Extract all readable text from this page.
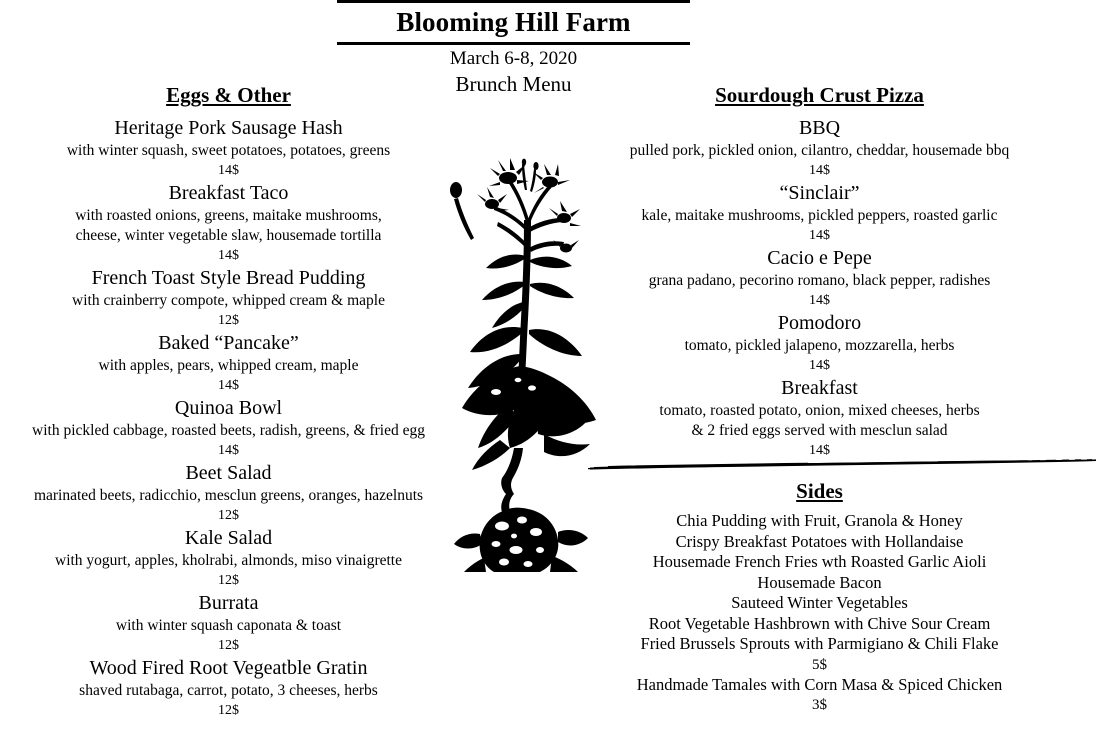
Blooming Hill Farm
March 6-8, 2020
Brunch Menu
Eggs & Other
Heritage Pork Sausage Hash
with winter squash, sweet potatoes, potatoes, greens
14$
Breakfast Taco
with roasted onions, greens, maitake mushrooms,
cheese, winter vegetable slaw, housemade tortilla
14$
French Toast Style Bread Pudding
with crainberry compote, whipped cream & maple
12$
Baked “Pancake”
with apples, pears, whipped cream, maple
14$
Quinoa Bowl
with pickled cabbage, roasted beets, radish, greens, & fried egg
14$
Beet Salad
marinated beets, radicchio, mesclun greens, oranges, hazelnuts
12$
Kale Salad
with yogurt, apples, kholrabi, almonds, miso vinaigrette
12$
Burrata
with winter squash caponata & toast
12$
Wood Fired Root Vegeatble Gratin
shaved rutabaga, carrot, potato, 3 cheeses, herbs
12$
Sourdough Crust Pizza
BBQ
pulled pork, pickled onion, cilantro, cheddar, housemade bbq
14$
“Sinclair”
kale, maitake mushrooms, pickled peppers, roasted garlic
14$
Cacio e Pepe
grana padano, pecorino romano, black pepper, radishes
14$
Pomodoro
tomato, pickled jalapeno, mozzarella, herbs
14$
Breakfast
tomato, roasted potato, onion, mixed cheeses, herbs
& 2 fried eggs served with mesclun salad
14$
Sides
Chia Pudding with Fruit, Granola & Honey
Crispy Breakfast Potatoes with Hollandaise
Housemade French Fries wth Roasted Garlic Aioli
Housemade Bacon
Sauteed Winter Vegetables
Root Vegetable Hashbrown with Chive Sour Cream
Fried Brussels Sprouts with Parmigiano & Chili Flake
5$
Handmade Tamales with Corn Masa & Spiced Chicken
3$
